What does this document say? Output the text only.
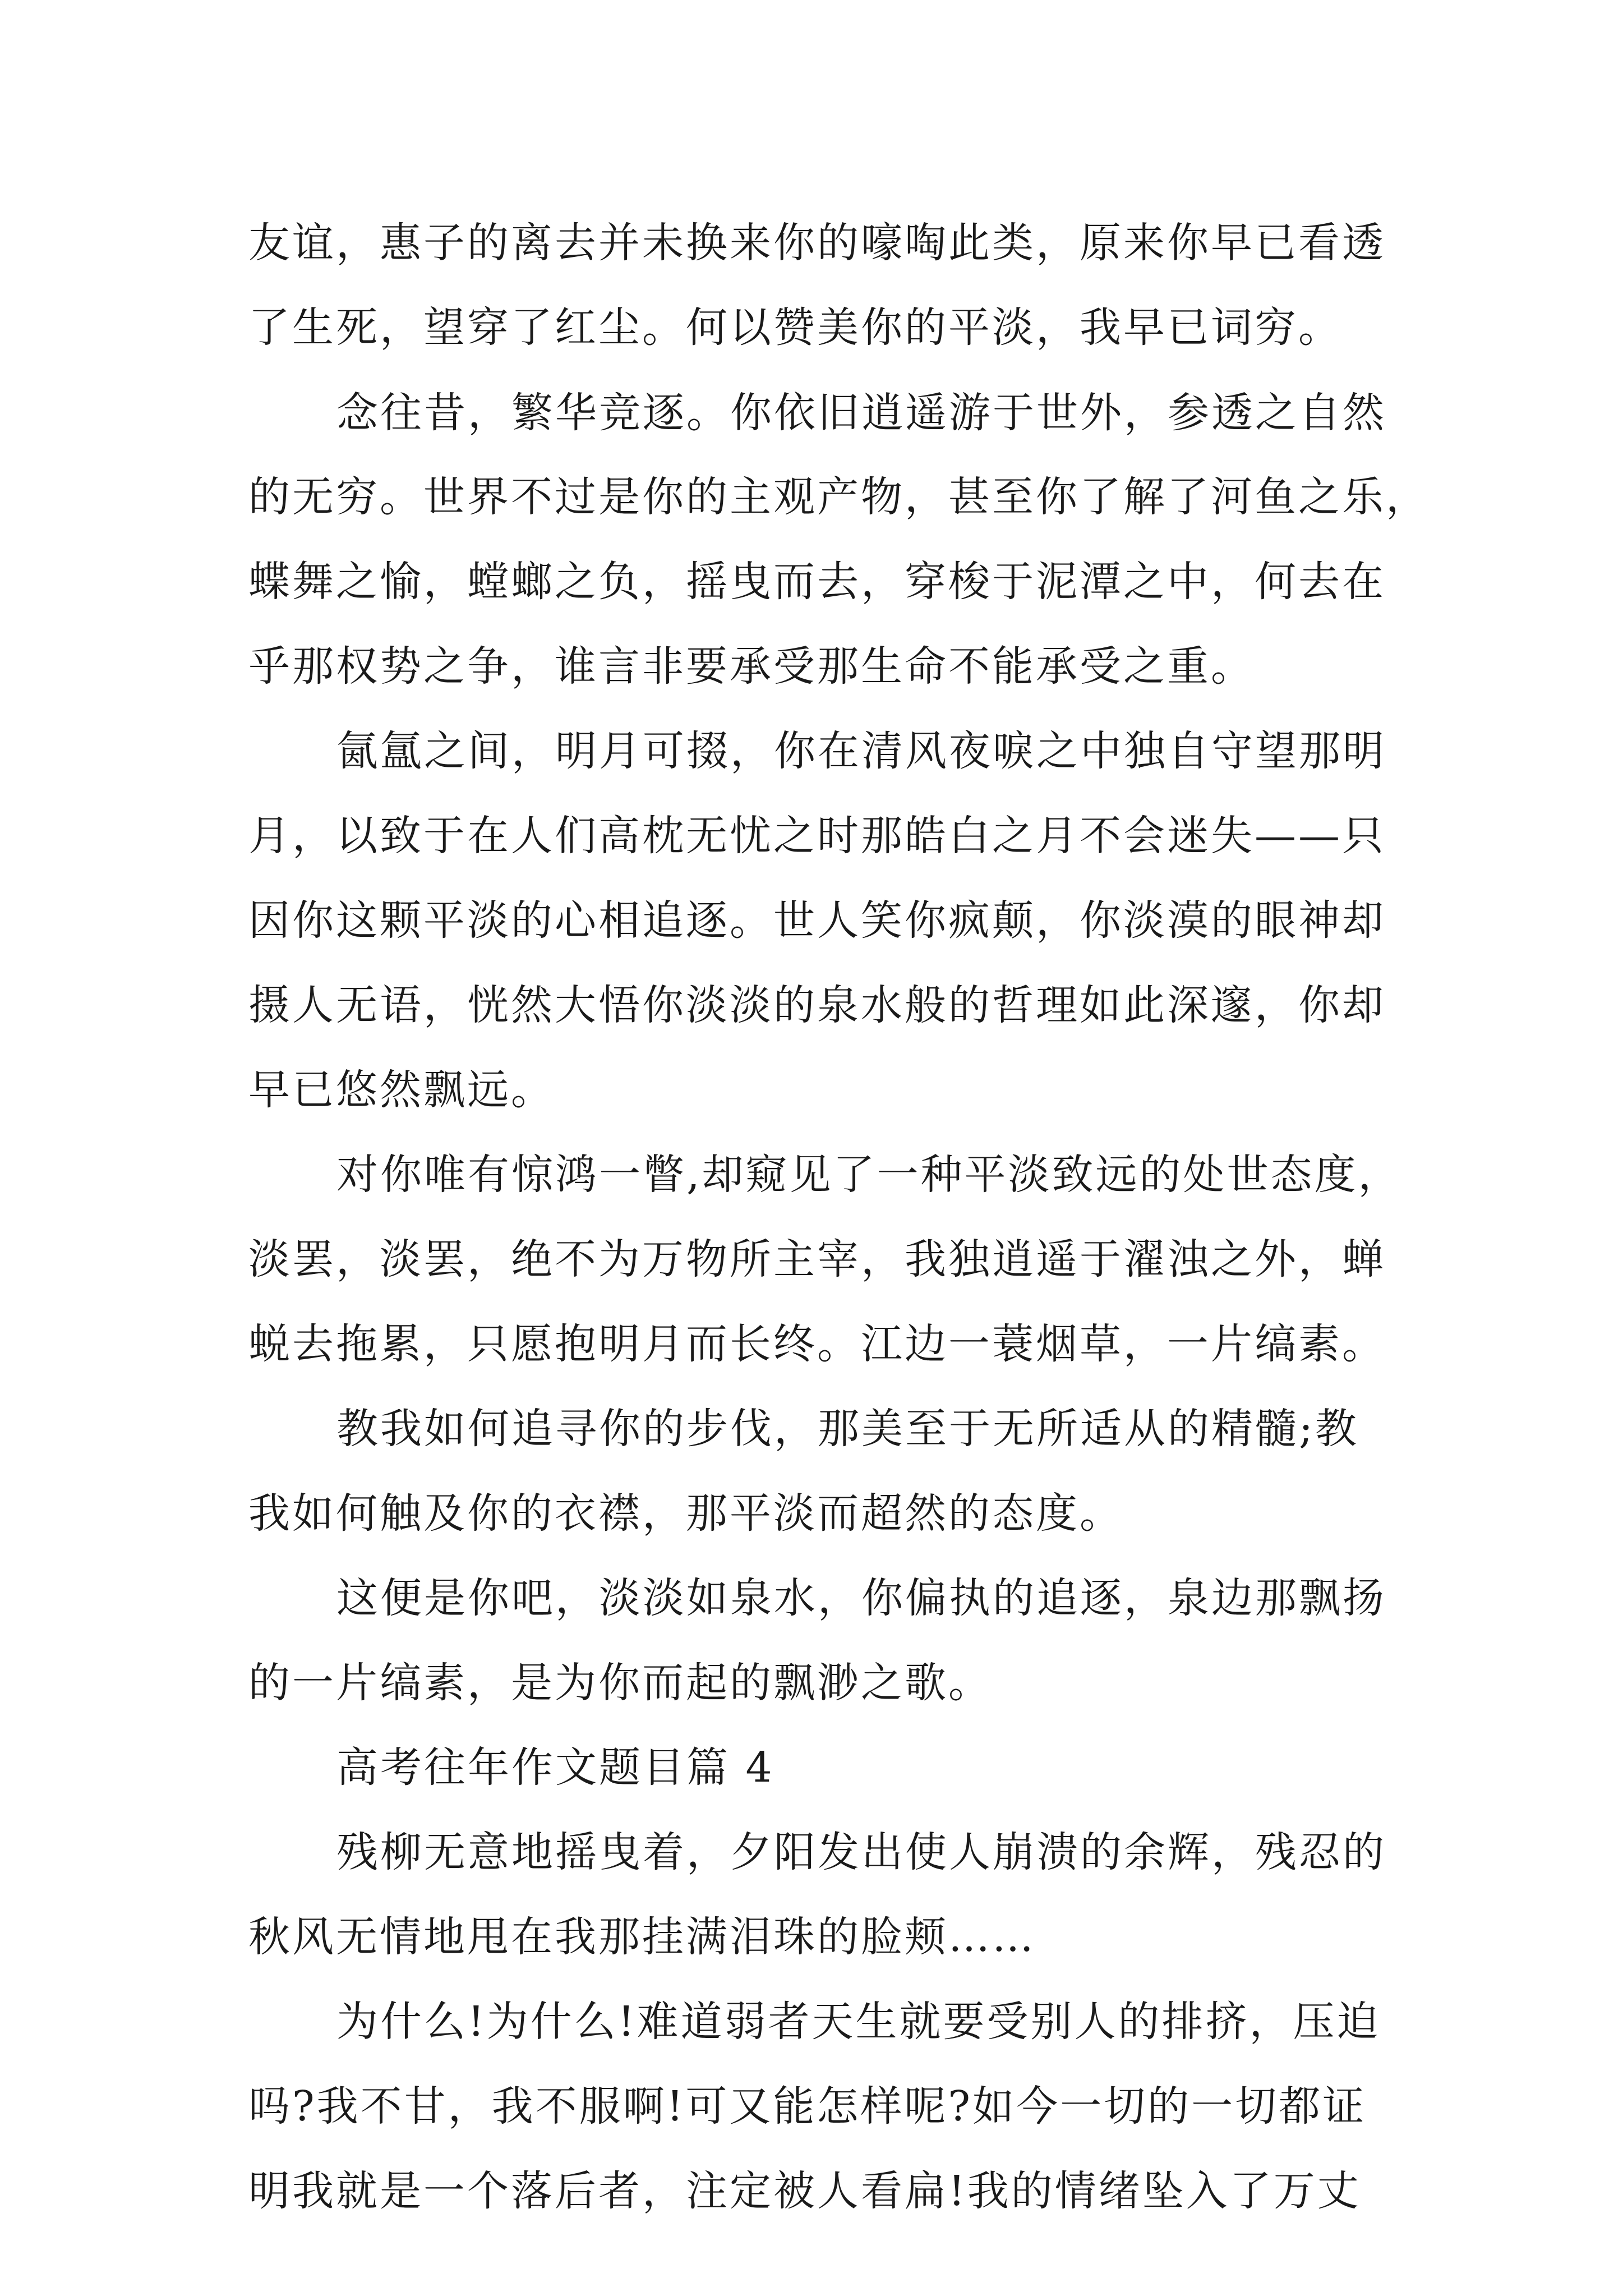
友谊，惠子的离去并未换来你的嚎啕此类，原来你早已看透
了生死，望穿了红尘。何以赞美你的平淡，我早已词穷。
念往昔，繁华竞逐。你依旧逍遥游于世外，参透之自然
的无穷。世界不过是你的主观产物，甚至你了解了河鱼之乐，
蝶舞之愉，螳螂之负，摇曳而去，穿梭于泥潭之中，何去在
乎那权势之争，谁言非要承受那生命不能承受之重。
氤氲之间，明月可掇，你在清风夜唳之中独自守望那明
月，以致于在人们高枕无忧之时那皓白之月不会迷失——只
因你这颗平淡的心相追逐。世人笑你疯颠，你淡漠的眼神却
摄人无语，恍然大悟你淡淡的泉水般的哲理如此深邃，你却
早已悠然飘远。
对你唯有惊鸿一瞥,却窥见了一种平淡致远的处世态度，
淡罢，淡罢，绝不为万物所主宰，我独逍遥于濯浊之外，蝉
蜕去拖累，只愿抱明月而长终。江边一蓑烟草，一片缟素。
教我如何追寻你的步伐，那美至于无所适从的精髓;教
我如何触及你的衣襟，那平淡而超然的态度。
这便是你吧，淡淡如泉水，你偏执的追逐，泉边那飘扬
的一片缟素，是为你而起的飘渺之歌。
高考往年作文题目篇 4
残柳无意地摇曳着，夕阳发出使人崩溃的余辉，残忍的
秋风无情地甩在我那挂满泪珠的脸颊……
为什么!为什么!难道弱者天生就要受别人的排挤，压迫
吗?我不甘，我不服啊!可又能怎样呢?如今一切的一切都证
明我就是一个落后者，注定被人看扁!我的情绪坠入了万丈
